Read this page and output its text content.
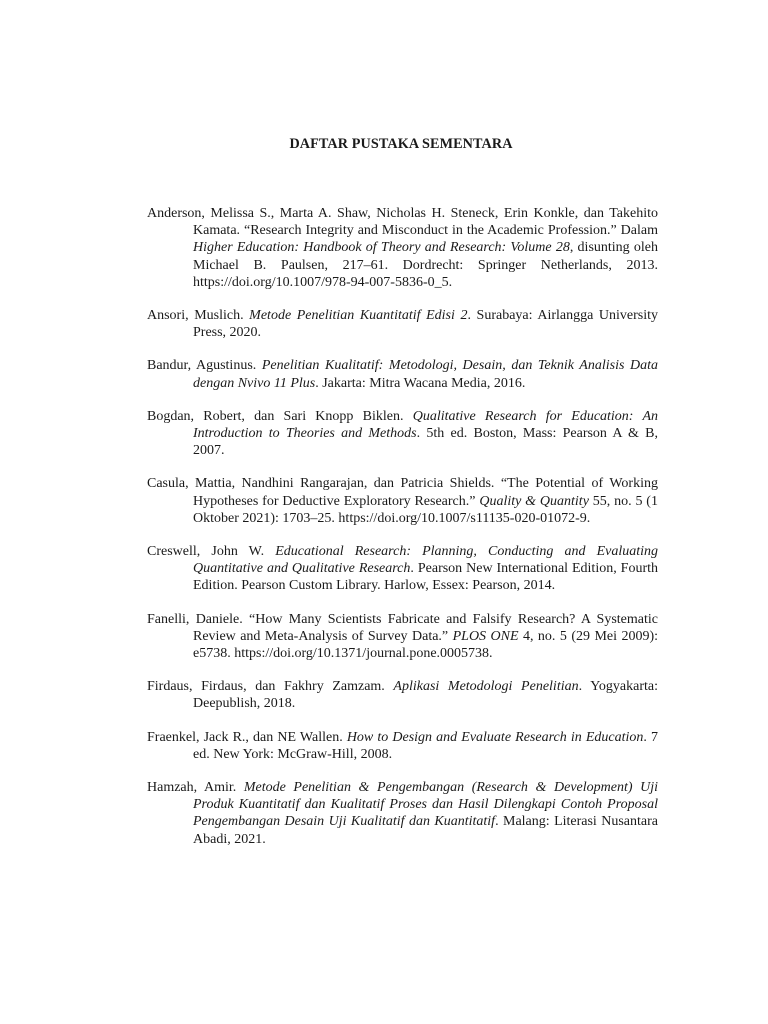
DAFTAR PUSTAKA SEMENTARA
Anderson, Melissa S., Marta A. Shaw, Nicholas H. Steneck, Erin Konkle, dan Takehito Kamata. “Research Integrity and Misconduct in the Academic Profession.” Dalam Higher Education: Handbook of Theory and Research: Volume 28, disunting oleh Michael B. Paulsen, 217–61. Dordrecht: Springer Netherlands, 2013. https://doi.org/10.1007/978-94-007-5836-0_5.
Ansori, Muslich. Metode Penelitian Kuantitatif Edisi 2. Surabaya: Airlangga University Press, 2020.
Bandur, Agustinus. Penelitian Kualitatif: Metodologi, Desain, dan Teknik Analisis Data dengan Nvivo 11 Plus. Jakarta: Mitra Wacana Media, 2016.
Bogdan, Robert, dan Sari Knopp Biklen. Qualitative Research for Education: An Introduction to Theories and Methods. 5th ed. Boston, Mass: Pearson A & B, 2007.
Casula, Mattia, Nandhini Rangarajan, dan Patricia Shields. “The Potential of Working Hypotheses for Deductive Exploratory Research.” Quality & Quantity 55, no. 5 (1 Oktober 2021): 1703–25. https://doi.org/10.1007/s11135-020-01072-9.
Creswell, John W. Educational Research: Planning, Conducting and Evaluating Quantitative and Qualitative Research. Pearson New International Edition, Fourth Edition. Pearson Custom Library. Harlow, Essex: Pearson, 2014.
Fanelli, Daniele. “How Many Scientists Fabricate and Falsify Research? A Systematic Review and Meta-Analysis of Survey Data.” PLOS ONE 4, no. 5 (29 Mei 2009): e5738. https://doi.org/10.1371/journal.pone.0005738.
Firdaus, Firdaus, dan Fakhry Zamzam. Aplikasi Metodologi Penelitian. Yogyakarta: Deepublish, 2018.
Fraenkel, Jack R., dan NE Wallen. How to Design and Evaluate Research in Education. 7 ed. New York: McGraw-Hill, 2008.
Hamzah, Amir. Metode Penelitian & Pengembangan (Research & Development) Uji Produk Kuantitatif dan Kualitatif Proses dan Hasil Dilengkapi Contoh Proposal Pengembangan Desain Uji Kualitatif dan Kuantitatif. Malang: Literasi Nusantara Abadi, 2021.
